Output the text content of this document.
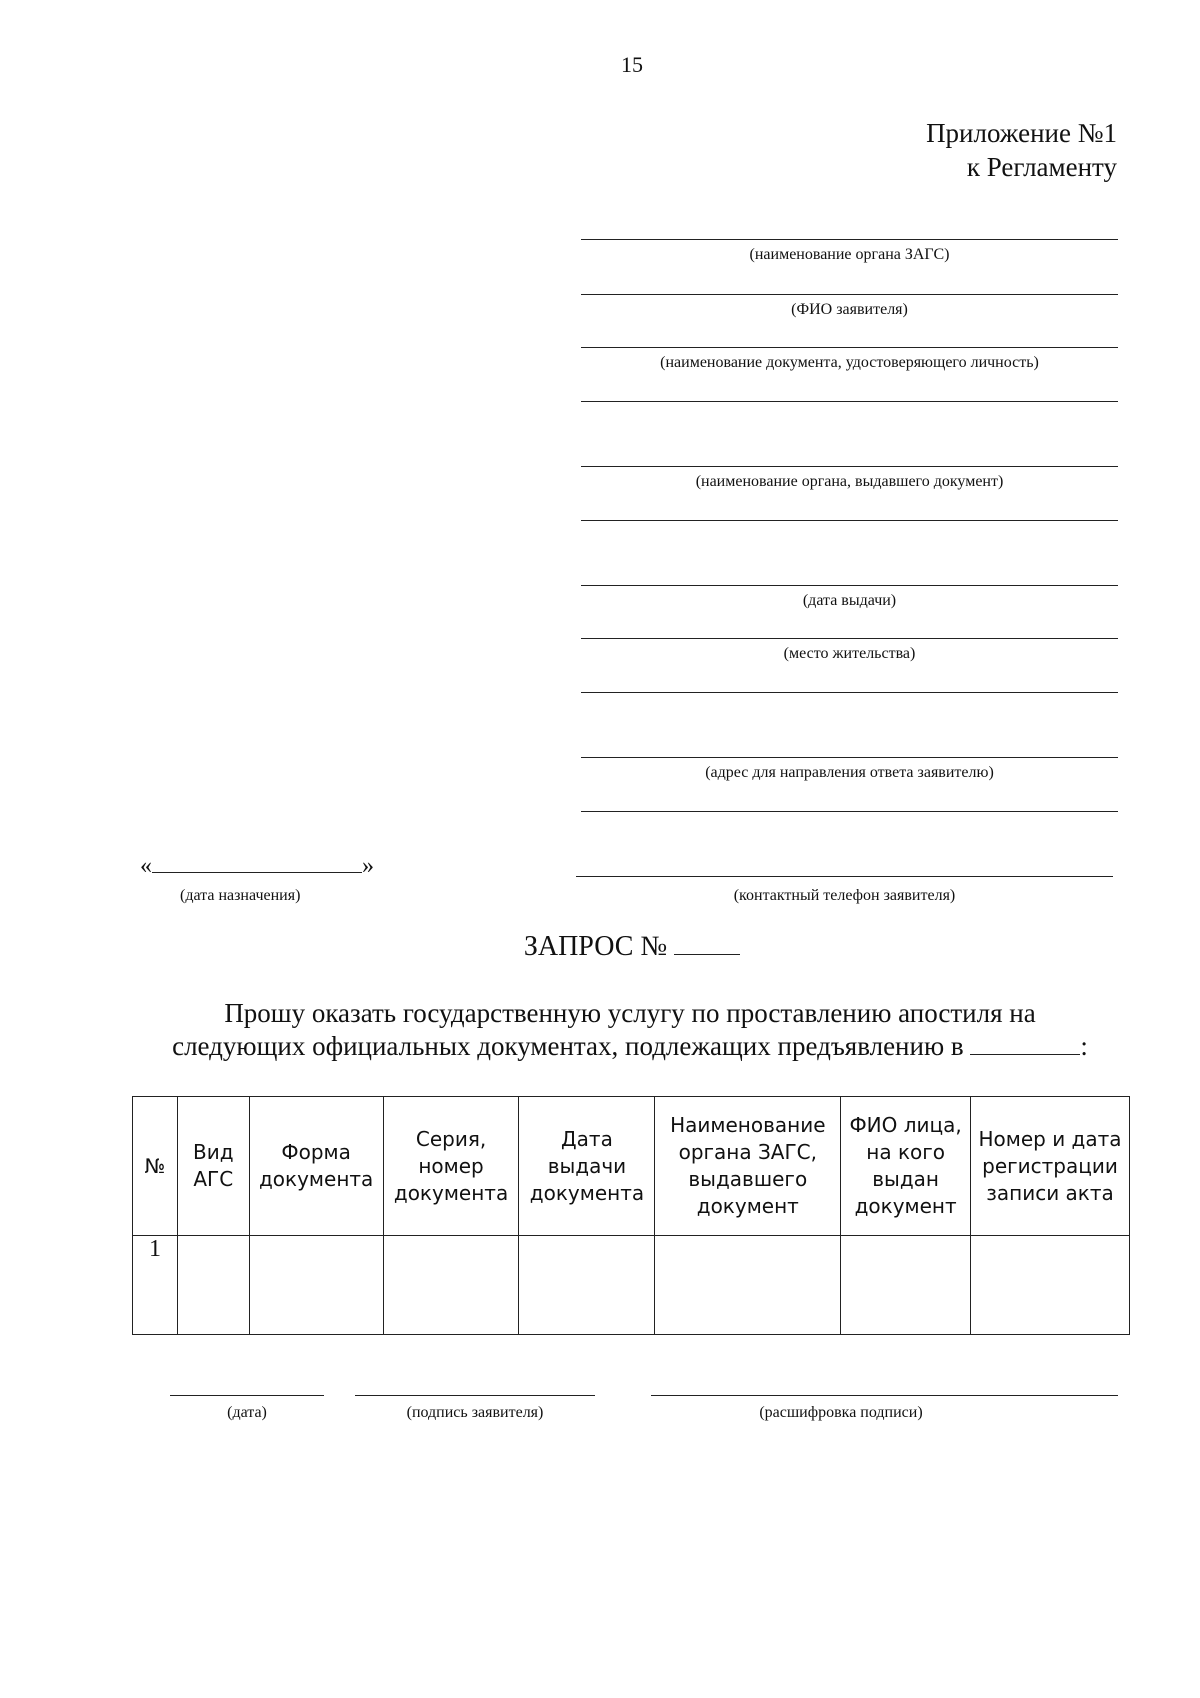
15
Приложение №1
к Регламенту
(наименование органа ЗАГС)
(ФИО заявителя)
(наименование документа, удостоверяющего личность)
(наименование органа, выдавшего документ)
(дата выдачи)
(место жительства)
(адрес для направления ответа заявителю)
«	»
(дата назначения)	(контактный телефон заявителя)
ЗАПРОС №
Прошу оказать государственную услугу по проставлению апостиля на
следующих официальных документах, подлежащих предъявлению в	:
№	Вид АГС	Форма документа	Серия, номер документа	Дата выдачи документа	Наименование органа ЗАГС, выдавшего документ	ФИО лица, на кого выдан документ	Номер и дата регистрации записи акта
1							
(дата)	(подпись заявителя)	(расшифровка подписи)
